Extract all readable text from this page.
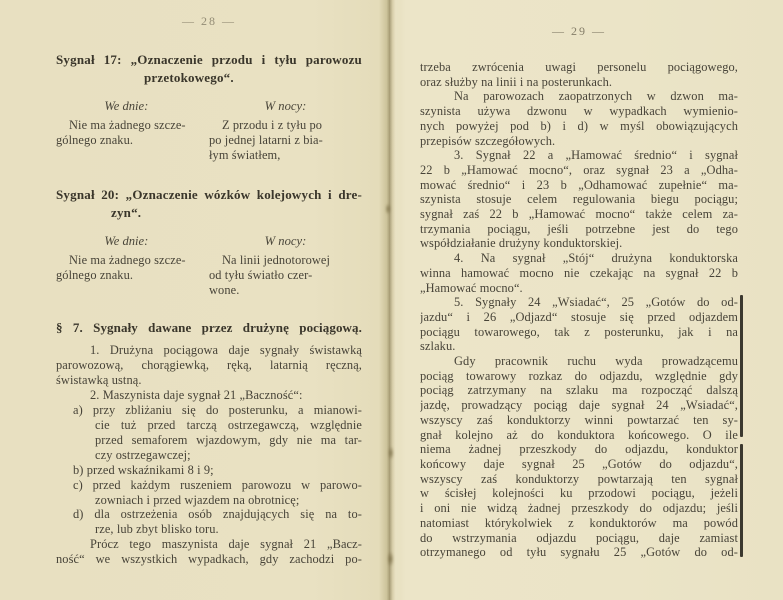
— 28 —
Sygnał 17: „Oznaczenie przodu i tyłu parowozu
przetokowego“.
We dnie:	W nocy:
Nie ma żadnego szcze-
gólnego znaku.
Z przodu i z tyłu po
po jednej latarni z bia-
łym światłem,
Sygnał 20: „Oznaczenie wózków kolejowych i dre-
zyn“.
We dnie:	W nocy:
Nie ma żadnego szcze-
gólnego znaku.
Na linii jednotorowej
od tyłu światło czer-
wone.
§ 7. Sygnały dawane przez drużynę pociągową.
1. Drużyna pociągowa daje sygnały świstawką
parowozową, chorągiewką, ręką, latarnią ręczną,
świstawką ustną.
2. Maszynista daje sygnał 21 „Baczność“:
a) przy zbliżaniu się do posterunku, a mianowi-
cie tuż przed tarczą ostrzegawczą, względnie
przed semaforem wjazdowym, gdy nie ma tar-
czy ostrzegawczej;
b) przed wskaźnikami 8 i 9;
c) przed każdym ruszeniem parowozu w parowo-
zowniach i przed wjazdem na obrotnicę;
d) dla ostrzeżenia osób znajdujących się na to-
rze, lub zbyt blisko toru.
Prócz tego maszynista daje sygnał 21 „Bacz-
ność“ we wszystkich wypadkach, gdy zachodzi po-
— 29 —
trzeba zwrócenia uwagi personelu pociągowego,
oraz służby na linii i na posterunkach.
Na parowozach zaopatrzonych w dzwon ma-
szynista używa dzwonu w wypadkach wymienio-
nych powyżej pod b) i d) w myśl obowiązujących
przepisów szczegółowych.
3. Sygnał 22 a „Hamować średnio“ i sygnał
22 b „Hamować mocno“, oraz sygnał 23 a „Odha-
mować średnio“ i 23 b „Odhamować zupełnie“ ma-
szynista stosuje celem regulowania biegu pociągu;
sygnał zaś 22 b „Hamować mocno“ także celem za-
trzymania pociągu, jeśli potrzebne jest do tego
współdziałanie drużyny konduktorskiej.
4. Na sygnał „Stój“ drużyna konduktorska
winna hamować mocno nie czekając na sygnał 22 b
„Hamować mocno“.
5. Sygnały 24 „Wsiadać“, 25 „Gotów do od-
jazdu“ i 26 „Odjazd“ stosuje się przed odjazdem
pociągu towarowego, tak z posterunku, jak i na
szlaku.
Gdy pracownik ruchu wyda prowadzącemu
pociąg towarowy rozkaz do odjazdu, względnie gdy
pociąg zatrzymany na szlaku ma rozpocząć dalszą
jazdę, prowadzący pociąg daje sygnał 24 „Wsiadać“,
wszyscy zaś konduktorzy winni powtarzać ten sy-
gnał kolejno aż do konduktora końcowego. O ile
niema żadnej przeszkody do odjazdu, konduktor
końcowy daje sygnał 25 „Gotów do odjazdu“,
wszyscy zaś konduktorzy powtarzają ten sygnał
w ścisłej kolejności ku przodowi pociągu, jeżeli
i oni nie widzą żadnej przeszkody do odjazdu; jeśli
natomiast którykolwiek z konduktorów ma powód
do wstrzymania odjazdu pociągu, daje zamiast
otrzymanego od tyłu sygnału 25 „Gotów do od-
